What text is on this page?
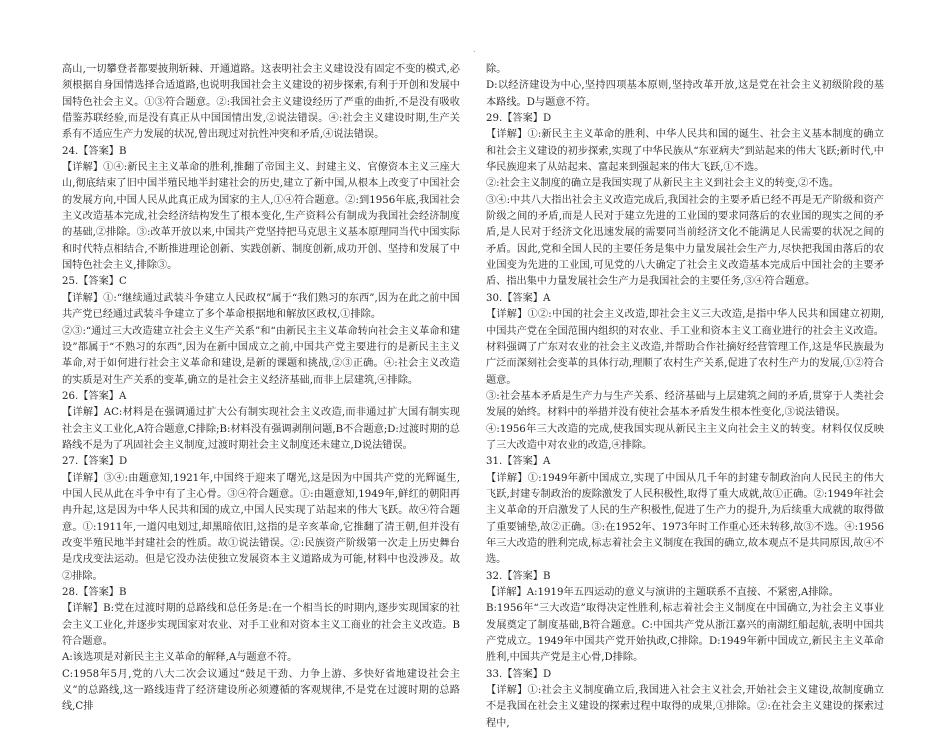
.

高山,一切攀登者都要披荆斩棘、开通道路。这表明社会主义建设没有固定不变的模式,必须根据自身国情选择合适道路,也说明我国社会主义建设的初步探索,有利于开创和发展中国特色社会主义。①③符合题意。②:我国社会主义建设经历了严重的曲折,不是没有吸收借鉴苏联经验,而是没有真正从中国国情出发,②说法错误。④:社会主义建设时期,生产关系有不适应生产力发展的状况,曾出现过对抗性冲突和矛盾,④说法错误。

24.【答案】B

【详解】①④:新民主主义革命的胜利,推翻了帝国主义、封建主义、官僚资本主义三座大山,彻底结束了旧中国半殖民地半封建社会的历史,建立了新中国,从根本上改变了中国社会的发展方向,中国人民从此真正成为国家的主人,①④符合题意。②:到1956年底,我国社会主义改造基本完成,社会经济结构发生了根本变化,生产资料公有制成为我国社会经济制度的基础,②排除。③:改革开放以来,中国共产党坚持把马克思主义基本原理同当代中国实际和时代特点相结合,不断推进理论创新、实践创新、制度创新,成功开创、坚持和发展了中国特色社会主义,排除③。

25.【答案】C

【详解】①:“继续通过武装斗争建立人民政权”属于“我们熟习的东西”,因为在此之前中国共产党已经通过武装斗争建立了多个革命根据地和解放区政权,①排除。

②③:“通过三大改造建立社会主义生产关系”和“由新民主主义革命转向社会主义革命和建设”都属于“不熟习的东西”,因为在新中国成立之前,中国共产党主要进行的是新民主主义革命,对于如何进行社会主义革命和建设,是新的课题和挑战,②③正确。④:社会主义改造的实质是对生产关系的变革,确立的是社会主义经济基础,而非上层建筑,④排除。

26.【答案】A

【详解】AC:材料是在强调通过扩大公有制实现社会主义改造,而非通过扩大国有制实现社会主义工业化,A符合题意,C排除;B:材料没有强调剥削问题,B不合题意;D:过渡时期的总路线不是为了巩固社会主义制度,过渡时期社会主义制度还未建立,D说法错误。

27.【答案】D

【详解】③④:由题意知,1921年,中国终于迎来了曙光,这是因为中国共产党的光辉诞生,中国人民从此在斗争中有了主心骨。③④符合题意。①:由题意知,1949年,鲜红的朝阳再冉升起,这是因为中华人民共和国的成立,中国人民实现了站起来的伟大飞跃。故④符合题意。①:1911年,一道闪电划过,却黑暗依旧,这指的是辛亥革命,它推翻了清王朝,但并没有改变半殖民地半封建社会的性质。故①说法错误。②:民族资产阶级第一次走上历史舞台是戊戌变法运动。但是它没办法使独立发展资本主义道路成为可能,材料中也没涉及。故②排除。

28.【答案】B

【详解】B:党在过渡时期的总路线和总任务是:在一个相当长的时期内,逐步实现国家的社会主义工业化,并逐步实现国家对农业、对手工业和对资本主义工商业的社会主义改造。B符合题意。

A:该选项是对新民主主义革命的解释,A与题意不符。

C:1958年5月,党的八大二次会议通过“鼓足干劲、力争上游、多快好省地建设社会主义”的总路线,这一路线违背了经济建设所必须遵循的客观规律,不是党在过渡时期的总路线,C排

除。

D:以经济建设为中心,坚持四项基本原则,坚持改革开放,这是党在社会主义初级阶段的基本路线。D与题意不符。

29.【答案】D

【详解】①:新民主主义革命的胜利、中华人民共和国的诞生、社会主义基本制度的确立和社会主义建设的初步探索,实现了中华民族从“东亚病夫”到站起来的伟大飞跃;新时代,中华民族迎来了从站起来、富起来到强起来的伟大飞跃,①不选。

②:社会主义制度的确立是我国实现了从新民主主义到社会主义的转变,②不选。

③④:中共八大指出社会主义改造完成后,我国社会的主要矛盾已经不再是无产阶级和资产阶级之间的矛盾,而是人民对于建立先进的工业国的要求同落后的农业国的现实之间的矛盾,是人民对于经济文化迅速发展的需要同当前经济文化不能满足人民需要的状况之间的矛盾。因此,党和全国人民的主要任务是集中力量发展社会生产力,尽快把我国由落后的农业国变为先进的工业国,可见党的八大确定了社会主义改造基本完成后中国社会的主要矛盾、指出集中力量发展社会生产力是我国社会的主要任务,③④符合题意。

30.【答案】A

【详解】①②:中国的社会主义改造,即社会主义三大改造,是指中华人民共和国建立初期,中国共产党在全国范围内组织的对农业、手工业和资本主义工商业进行的社会主义改造。材料强调了广东对农业的社会主义改造,并帮助合作社摘好经营管理工作,这是华民族最为广泛而深刻社会变革的具体行动,理顺了农村生产关系,促进了农村生产力的发展,①②符合题意。

③:社会基本矛盾是生产力与生产关系、经济基础与上层建筑之间的矛盾,贯穿于人类社会发展的始终。材料中的举措并没有使社会基本矛盾发生根本性变化,③说法错误。

④:1956年三大改造的完成,使我国实现从新民主主义向社会主义的转变。材料仅仅反映了三大改造中对农业的改造,④排除。

31.【答案】A

【详解】①:1949年新中国成立,实现了中国从几千年的封建专制政治向人民民主的伟大飞跃,封建专制政治的废除激发了人民积极性,取得了重大成就,故①正确。②:1949年社会主义革命的开启激发了人民的生产积极性,促进了生产力的提升,为后续重大成就的取得做了重要铺垫,故②正确。③:在1952年、1973年时工作重心还未转移,故③不选。④:1956年三大改造的胜利完成,标志着社会主义制度在我国的确立,故本观点不是共同原因,故④不选。

32.【答案】B

【详解】A:1919年五四运动的意义与演讲的主题联系不直接、不紧密,A排除。

B:1956年“三大改造”取得决定性胜利,标志着社会主义制度在中国确立,为社会主义事业发展奠定了制度基础,B符合题意。C:中国共产党从浙江嘉兴的南湖红船起航,表明中国共产党成立。1949年中国共产党开始执政,C排除。D:1949年新中国成立,新民主主义革命胜利,中国共产党是主心骨,D排除。

33.【答案】D

【详解】①:社会主义制度确立后,我国进入社会主义社会,开始社会主义建设,故制度确立不是我国在社会主义建设的探索过程中取得的成果,①排除。②:在社会主义建设的探索过程中,
